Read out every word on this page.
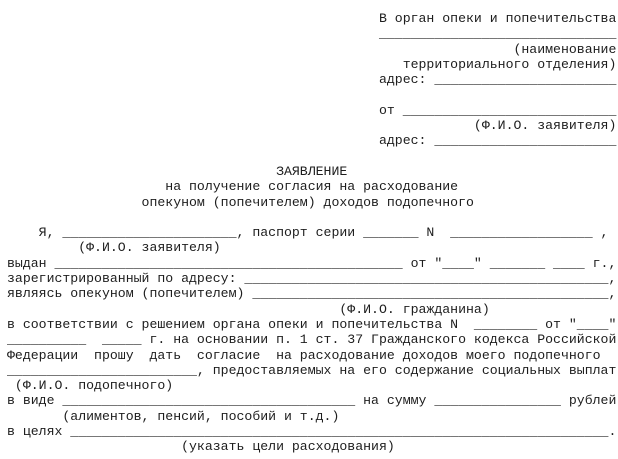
В орган опеки и попечительства
______________________________
(наименование
территориального отделения)
адрес: _______________________
от ___________________________
(Ф.И.О. заявителя)
адрес: _______________________
ЗАЯВЛЕНИЕ
на получение согласия на расходование
опекуном (попечителем) доходов подопечного
Я, ______________________, паспорт серии _______ N  __________________ ,
(Ф.И.О. заявителя)
выдан ____________________________________________ от "____" _______ ____ г.,
зарегистрированный по адресу: ______________________________________________,
являясь опекуном (попечителем) _____________________________________________,
(Ф.И.О. гражданина)
в соответствии с решением органа опеки и попечительства N  ________ от "____"
__________  _____ г. на основании п. 1 ст. 37 Гражданского кодекса Российской
Федерации  прошу  дать  согласие  на расходование доходов моего подопечного
________________________, предоставляемых на его содержание социальных выплат
(Ф.И.О. подопечного)
в виде _____________________________________ на сумму ________________ рублей
(алиментов, пенсий, пособий и т.д.)
в целях ____________________________________________________________________.
(указать цели расходования)
